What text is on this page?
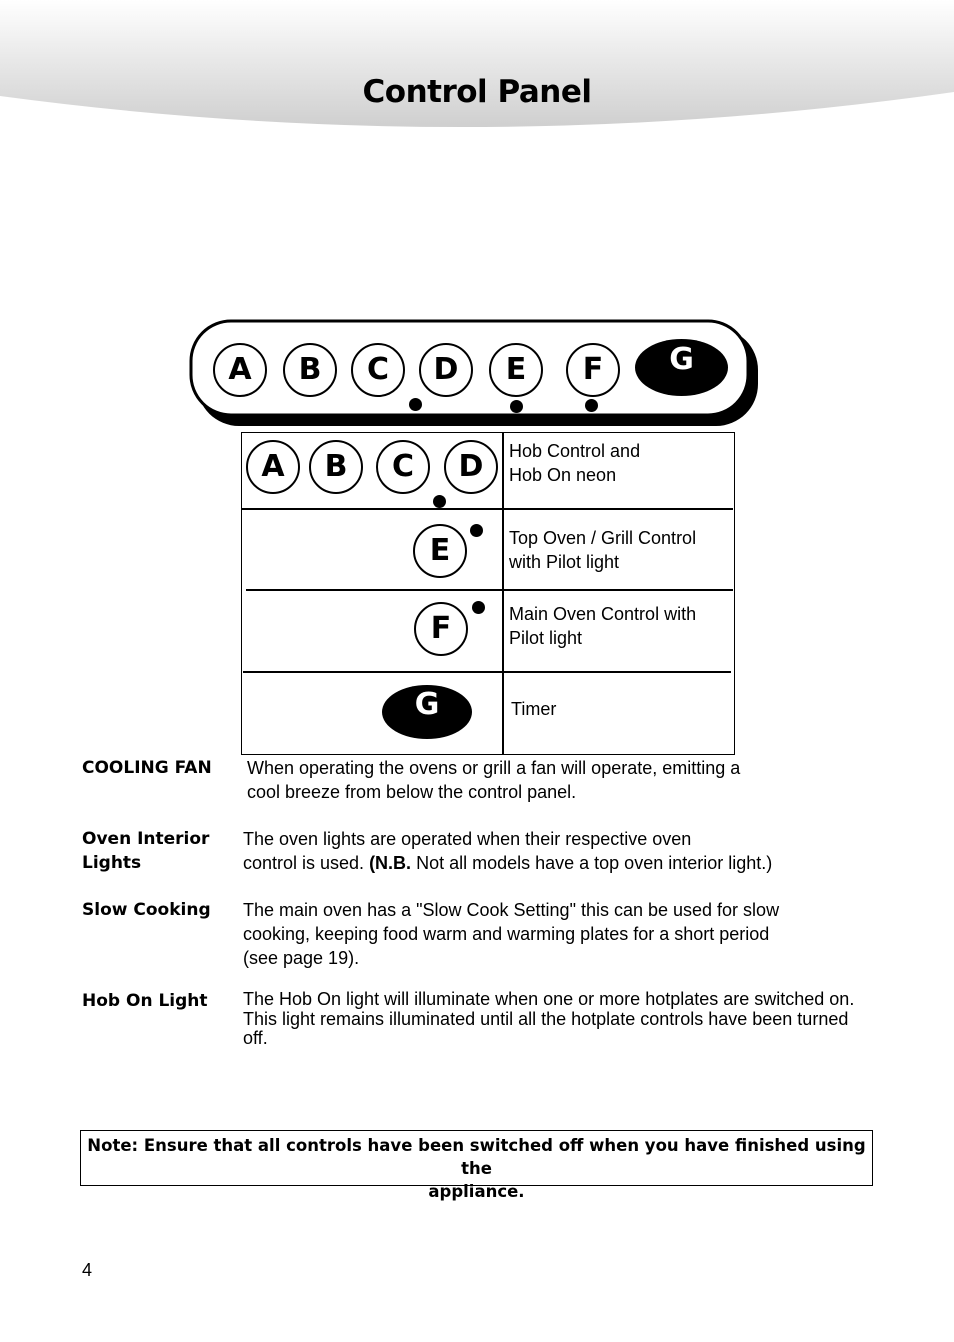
Control Panel
A	B	C	D	E	F	G
A	B	C	D	Hob Control and
Hob On neon
E	Top Oven / Grill Control
with Pilot light
F	Main Oven Control with
Pilot light
G	Timer
COOLING FAN When operating the ovens or grill a fan will operate, emitting a
cool breeze from below the control panel.
Oven Interior
Lights
The oven lights are operated when their respective oven
control is used. (N.B. Not all models have a top oven interior light.)
Slow Cooking The main oven has a "Slow Cook Setting" this can be used for slow
cooking, keeping food warm and warming plates for a short period
(see page 19).
Hob On Light The Hob On light will illuminate when one or more hotplates are switched on.
This light remains illuminated until all the hotplate controls have been turned
off.
Note: Ensure that all controls have been switched off when you have finished using the
appliance.
4
